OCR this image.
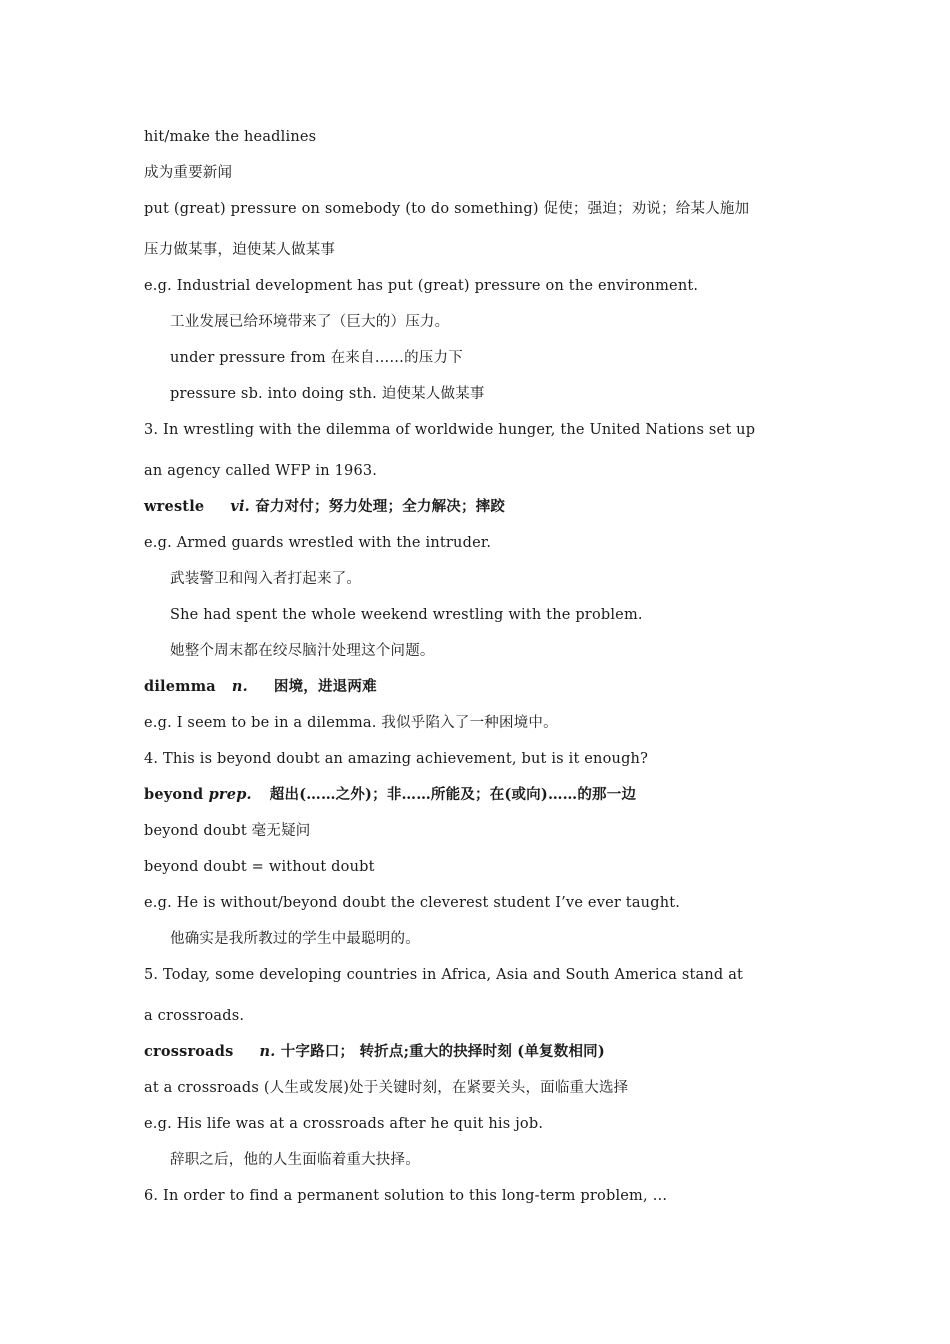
hit/make the headlines
成为重要新闻
put (great) pressure on somebody (to do something) 促使；强迫；劝说；给某人施加
压力做某事，迫使某人做某事
e.g. Industrial development has put (great) pressure on the environment.
工业发展已给环境带来了（巨大的）压力。
under pressure from 在来自……的压力下
pressure sb. into doing sth. 迫使某人做某事
3. In wrestling with the dilemma of worldwide hunger, the United Nations set up
an agency called WFP in 1963.
wrestle vi. 奋力对付；努力处理；全力解决；摔跤
e.g. Armed guards wrestled with the intruder.
武装警卫和闯入者打起来了。
She had spent the whole weekend wrestling with the problem.
她整个周末都在绞尽脑汁处理这个问题。
dilemma n. 困境，进退两难
e.g. I seem to be in a dilemma. 我似乎陷入了一种困境中。
4. This is beyond doubt an amazing achievement, but is it enough?
beyond prep. 超出(……之外)；非……所能及；在(或向)……的那一边
beyond doubt 毫无疑问
beyond doubt = without doubt
e.g. He is without/beyond doubt the cleverest student I’ve ever taught.
他确实是我所教过的学生中最聪明的。
5. Today, some developing countries in Africa, Asia and South America stand at
a crossroads.
crossroads n. 十字路口； 转折点;重大的抉择时刻 (单复数相同)
at a crossroads (人生或发展)处于关键时刻，在紧要关头，面临重大选择
e.g. His life was at a crossroads after he quit his job.
辞职之后，他的人生面临着重大抉择。
6. In order to find a permanent solution to this long-term problem, …
